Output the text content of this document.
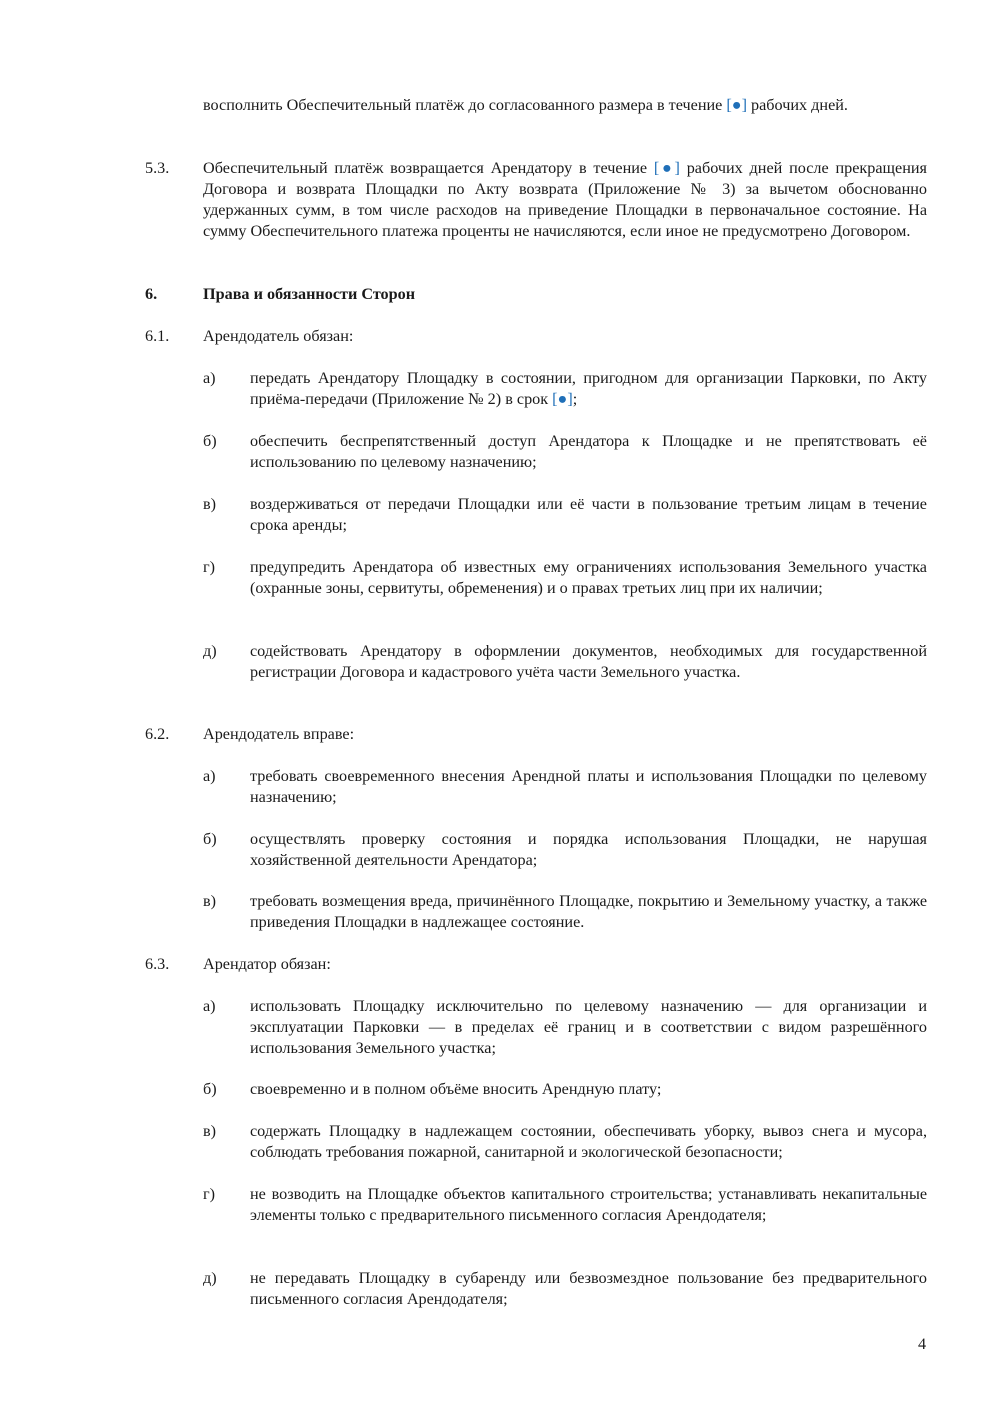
восполнить Обеспечительный платёж до согласованного размера в течение [●] рабочих дней.
5.3. Обеспечительный платёж возвращается Арендатору в течение [●] рабочих дней после прекращения Договора и возврата Площадки по Акту возврата (Приложение № 3) за вычетом обоснованно удержанных сумм, в том числе расходов на приведение Площадки в первоначальное состояние. На сумму Обеспечительного платежа проценты не начисляются, если иное не предусмотрено Договором.
6.	Права и обязанности Сторон
6.1. Арендодатель обязан:
а) передать Арендатору Площадку в состоянии, пригодном для организации Парковки, по Акту приёма-передачи (Приложение № 2) в срок [●];
б) обеспечить беспрепятственный доступ Арендатора к Площадке и не препятствовать её использованию по целевому назначению;
в) воздерживаться от передачи Площадки или её части в пользование третьим лицам в течение срока аренды;
г) предупредить Арендатора об известных ему ограничениях использования Земельного участка (охранные зоны, сервитуты, обременения) и о правах третьих лиц при их наличии;
д) содействовать Арендатору в оформлении документов, необходимых для государственной регистрации Договора и кадастрового учёта части Земельного участка.
6.2. Арендодатель вправе:
а) требовать своевременного внесения Арендной платы и использования Площадки по целевому назначению;
б) осуществлять проверку состояния и порядка использования Площадки, не нарушая хозяйственной деятельности Арендатора;
в) требовать возмещения вреда, причинённого Площадке, покрытию и Земельному участку, а также приведения Площадки в надлежащее состояние.
6.3. Арендатор обязан:
а) использовать Площадку исключительно по целевому назначению — для организации и эксплуатации Парковки — в пределах её границ и в соответствии с видом разрешённого использования Земельного участка;
б) своевременно и в полном объёме вносить Арендную плату;
в) содержать Площадку в надлежащем состоянии, обеспечивать уборку, вывоз снега и мусора, соблюдать требования пожарной, санитарной и экологической безопасности;
г) не возводить на Площадке объектов капитального строительства; устанавливать некапитальные элементы только с предварительного письменного согласия Арендодателя;
д) не передавать Площадку в субаренду или безвозмездное пользование без предварительного письменного согласия Арендодателя;
4
